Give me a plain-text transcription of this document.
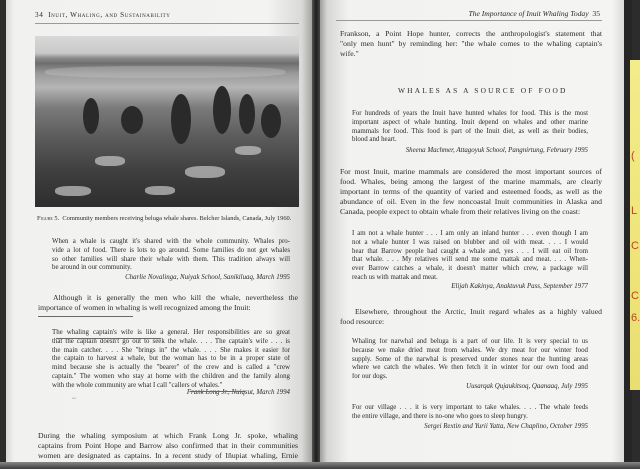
(
L
C
C
6.
34 Inuit, Whaling, and Sustainability
Figure 5. Community members receiving beluga whale shares. Belcher Islands, Canada, July 1960.
When a whale is caught it's shared with the whole community. Whales pro-
vide a lot of food. There is lots to go around. Some families do not get whales
so other families will share their whale with them. This tradition always will
be around in our community.
Charlie Novalinga, Nuiyak School, Sanikiluaq, March 1995
Although it is generally the men who kill the whale, nevertheless the
importance of women in whaling is well recognized among the Inuit:
The whaling captain's wife is like a general. Her responsibilities are so great
that the captain doesn't go out to seek the whale. . . . The captain's wife . . . is
the main catcher. . . . She "brings in" the whale. . . . She makes it easier for
the captain to harvest a whale, but the woman has to be in a proper state of
mind because she is actually the "bearer" of the crew and is called a "crew
captain." The women who stay at home with the children and the family along
with the whole community are what I call "callers of whales."
Frank Long Jr., Nuiqsut, March 1994
~
During the whaling symposium at which Frank Long Jr. spoke, whaling
captains from Point Hope and Barrow also confirmed that in their communities
women are designated as captains. In a recent study of Iñupiat whaling, Ernie
The Importance of Inuit Whaling Today 35
Frankson, a Point Hope hunter, corrects the anthropologist's statement that
"only men hunt" by reminding her: "the whale comes to the whaling captain's
wife."
WHALES AS A SOURCE OF FOOD
For hundreds of years the Inuit have hunted whales for food. This is the most
important aspect of whale hunting. Inuit depend on whales and other marine
mammals for food. This food is part of the Inuit diet, as well as their bodies,
blood and heart.
Sheena Machmer, Attagoyuk School, Pangnirtung, February 1995
For most Inuit, marine mammals are considered the most important sources of
food. Whales, being among the largest of the marine mammals, are clearly
important in terms of the quantity of varied and esteemed foods, as well as the
abundance of oil. Even in the few noncoastal Inuit communities in Alaska and
Canada, people expect to obtain whale from their relatives living on the coast:
I am not a whale hunter . . . I am only an inland hunter . . . even though I am
not a whale hunter I was raised on blubber and oil with meat. . . . I would
hear that Barrow people had caught a whale and, yes . . . I will eat oil from
that whale. . . . My relatives will send me some mattak and meat. . . . When-
ever Barrow catches a whale, it doesn't matter which crew, a package will
reach us with mattak and meat.
Elijah Kakinya, Anaktuvuk Pass, September 1977
Elsewhere, throughout the Arctic, Inuit regard whales as a highly valued
food resource:
Whaling for narwhal and beluga is a part of our life. It is very special to us
because we make dried meat from whales. We dry meat for our winter food
supply. Some of the narwhal is preserved under stones near the hunting areas
where we catch the whales. We then fetch it in winter for our own food and
for our dogs.
Uusarqak Qujaukitsoq, Qaanaaq, July 1995
For our village . . . it is very important to take whales. . . . The whale feeds
the entire village, and there is no-one who goes to sleep hungry.
Sergei Rextin and Yurii Yatta, New Chaplino, October 1995
